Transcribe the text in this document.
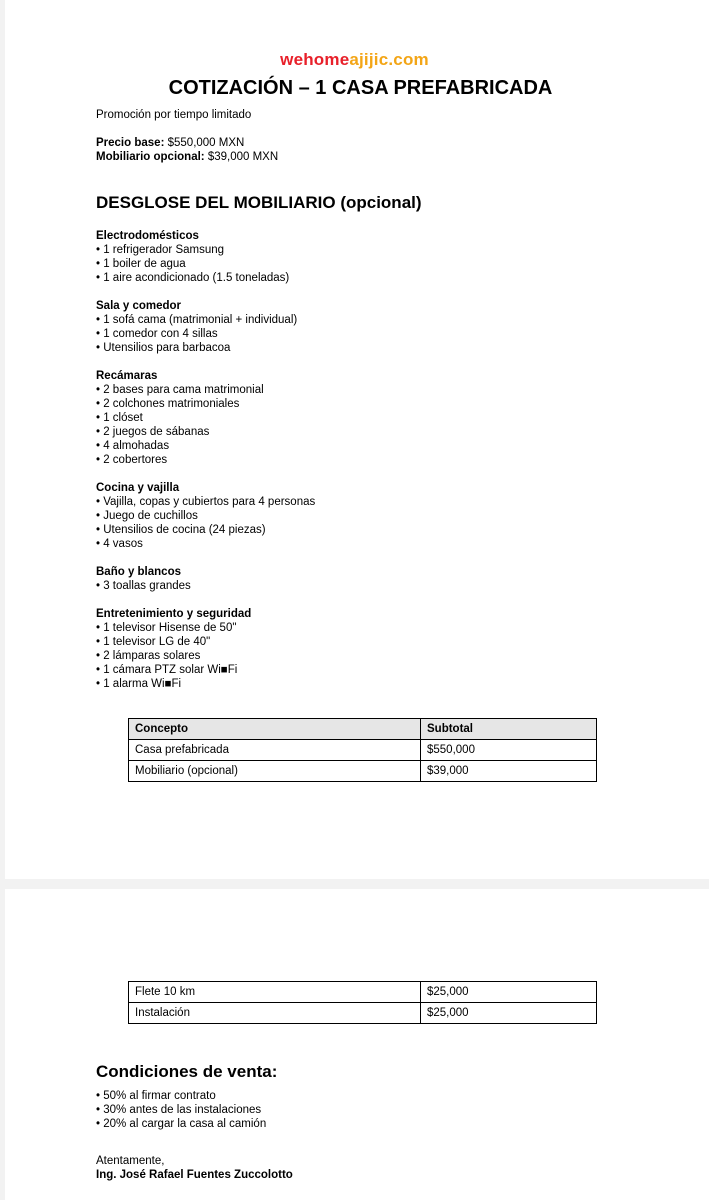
wehomeajijic.com
COTIZACIÓN – 1 CASA PREFABRICADA
Promoción por tiempo limitado
Precio base: $550,000 MXN
Mobiliario opcional: $39,000 MXN
DESGLOSE DEL MOBILIARIO (opcional)
Electrodomésticos
• 1 refrigerador Samsung
• 1 boiler de agua
• 1 aire acondicionado (1.5 toneladas)
Sala y comedor
• 1 sofá cama (matrimonial + individual)
• 1 comedor con 4 sillas
• Utensilios para barbacoa
Recámaras
• 2 bases para cama matrimonial
• 2 colchones matrimoniales
• 1 clóset
• 2 juegos de sábanas
• 4 almohadas
• 2 cobertores
Cocina y vajilla
• Vajilla, copas y cubiertos para 4 personas
• Juego de cuchillos
• Utensilios de cocina (24 piezas)
• 4 vasos
Baño y blancos
• 3 toallas grandes
Entretenimiento y seguridad
• 1 televisor Hisense de 50"
• 1 televisor LG de 40"
• 2 lámparas solares
• 1 cámara PTZ solar Wi■Fi
• 1 alarma Wi■Fi
Concepto	Subtotal
Casa prefabricada	$550,000
Mobiliario (opcional)	$39,000
Flete 10 km	$25,000
Instalación	$25,000
Condiciones de venta:
• 50% al firmar contrato
• 30% antes de las instalaciones
• 20% al cargar la casa al camión
Atentamente,
Ing. José Rafael Fuentes Zuccolotto
